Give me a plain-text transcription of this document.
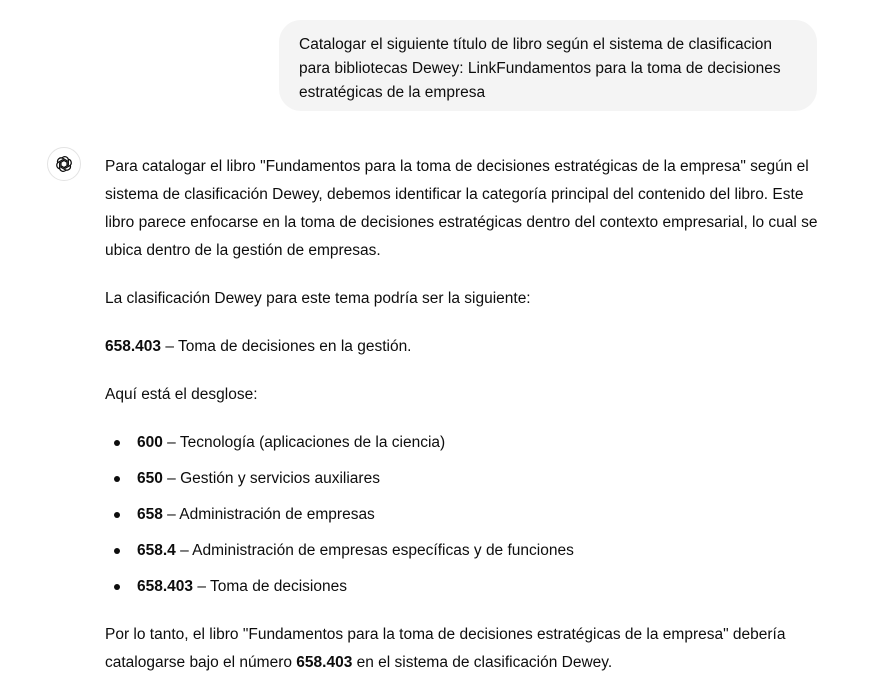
Catalogar el siguiente título de libro según el sistema de clasificacion para bibliotecas Dewey: LinkFundamentos para la toma de decisiones estratégicas de la empresa

Para catalogar el libro "Fundamentos para la toma de decisiones estratégicas de la empresa" según el sistema de clasificación Dewey, debemos identificar la categoría principal del contenido del libro. Este libro parece enfocarse en la toma de decisiones estratégicas dentro del contexto empresarial, lo cual se ubica dentro de la gestión de empresas.

La clasificación Dewey para este tema podría ser la siguiente:

658.403 – Toma de decisiones en la gestión.

Aquí está el desglose:

600 – Tecnología (aplicaciones de la ciencia)
650 – Gestión y servicios auxiliares
658 – Administración de empresas
658.4 – Administración de empresas específicas y de funciones
658.403 – Toma de decisiones

Por lo tanto, el libro "Fundamentos para la toma de decisiones estratégicas de la empresa" debería catalogarse bajo el número 658.403 en el sistema de clasificación Dewey.
